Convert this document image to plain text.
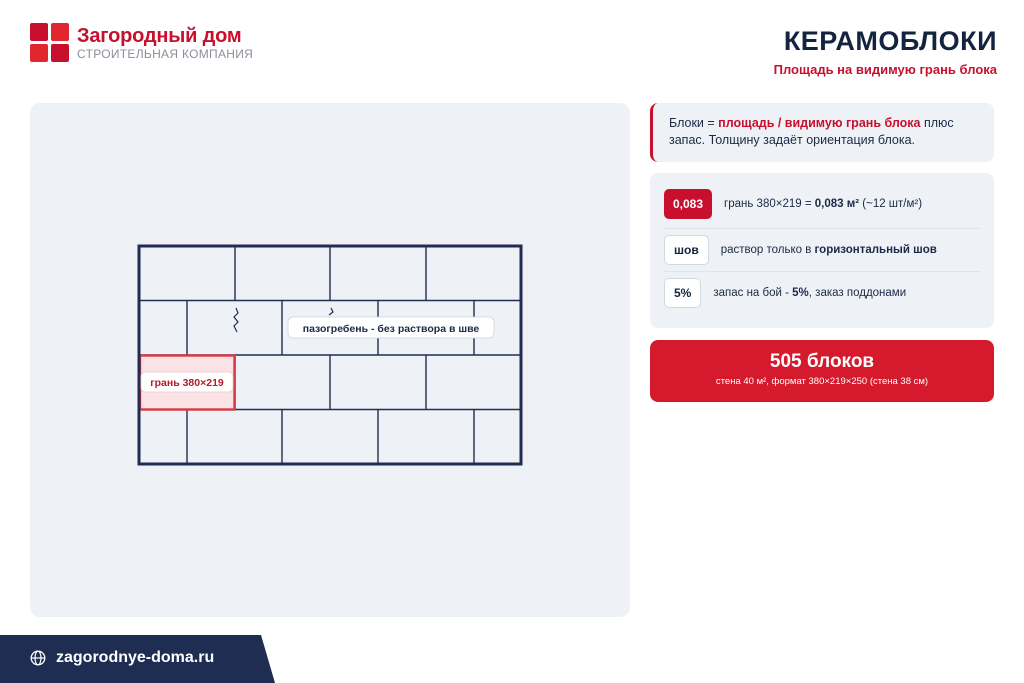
Загородный дом
СТРОИТЕЛЬНАЯ КОМПАНИЯ	КЕРАМОБЛОКИ
Площадь на видимую грань блока
грань 380×219
пазогребень - без раствора в шве
Блоки = площадь / видимую грань блока плюс запас. Толщину задаёт ориентация блока.
0,083	грань 380×219 = 0,083 м² (~12 шт/м²)
шов	раствор только в горизонтальный шов
5%	запас на бой - 5%, заказ поддонами
505 блоков
стена 40 м², формат 380×219×250 (стена 38 см)
zagorodnye-doma.ru
